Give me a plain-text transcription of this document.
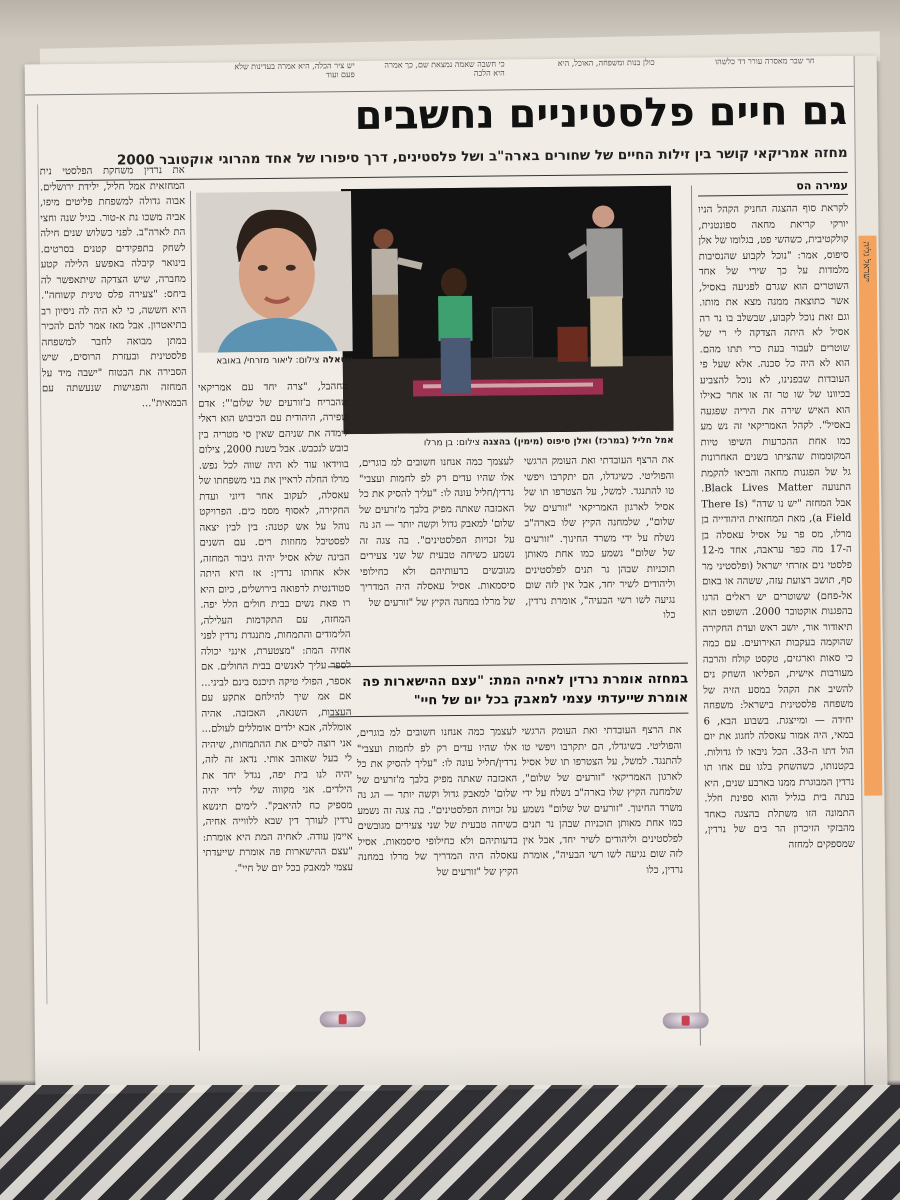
יש ציר הכלה, היא אמרה בעדינות שלא פעם ועוד
כי חשבה שאמה נמצאת שם, כך אמרה היא הלכה
כולן בנות ומשפחה, האוכל, היא	חר שבר מאסרה עורר דד כלשהו
ישראל גליה
גם חיים פלסטיניים נחשבים
מחזה אמריקאי קושר בין זילות החיים של שחורים בארה"ב ושל פלסטינים, דרך סיפורו של אחד מהרוגי אוקטובר 2000
עמירה הס

לקראת סוף ההצגה החניק הקהל הניו יורקי קריאת מחאה ספונטנית, קולקטיבית, כשהשי פט, בגלומו של אלן סיפוס, אמר: "נוכל לקבוע שהנסיבות מלמדות על כך שירי של אחד השוטרים הוא שגרם לפגיעה באסיל, אשר כתוצאה ממנה מצא את מותו. וגם זאת נוכל לקבוע, שבשלב בו נר רה אסיל לא היתה הצדקה לי רי של שוטרים לעבור בעת כרי תתו מהם. הוא לא היה כל סכנה. אלא שעל פי העובדות שבפנינו, לא נוכל להצביע בכיוונו של שו טר זה או אחר כאילו הוא האיש שירה את היריה שפגעה באסיל". לקהל האמריקאי זה נש מע כמו אחת ההכרעות השיפו טיות המקוממות שהציתו בשנים האחרונות גל של הפגנות מחאה והביאו להקמת התנועה Black Lives Matter. אבל המחזה "יש נו שדה" (There Is a Field), מאת המחזאית היהודייה בן מרלו, מס פר על אסיל עאסלה בן ה-17 מה כפר עראבה, אחד מ-12 פלסטי נים אזרחי ישראל (ופלסטיני מר סף, תושב רצועת עזה, ששהה או באום אל-פחם) ששוטרים יש ראלים הרגו בהפגנות אוקטובר 2000. השופט הוא תיאודור אור, יושב ראש ועדת החקירה שהוקמה בעקבות האירועים. עם כמה כי סאות וארגזים, טקסט קולח והרבה מעורבות אישית, הפליאו השחק נים להשיב את הקהל במסע הזיה של משפחה פלסטינית בישראל: משפחה יחידה — ומייצגת. בשבוע הבא, 6 במאי, היה אמור עאסלה לחגוג את יום הול דתו ה-33. הכל ניבאו לו גדולות. בקטנותו, כשהשחק בלגו עם אחו תו נרדין המבוגרת ממנו בארבע שנים, היא בנתה בית בגליל והוא ספינת חלל. התמונה הזו משתלת בהצגה כאחד מהבזקי הזיכרון הר בים של נרדין, שמספקים למחזה

אמל חליל (במרכז) ואלן סיפוס (מימין) בהצגה צילום: בן מרלו
עסאלה צילום: ליאור מזרחי/ באובא

את הרצף העובדתי ואת העומק הרגשי והפוליטי. כשיגדלו, הם יתקרבו ויפשי טו להתנגד. למשל, על הצטרפו תו של אסיל לארגון האמריקאי "זורעים של שלום", שלמחנה הקיץ שלו בארה"ב נשלח על ידי משרד החינוך. "זורעים של שלום" נשמע כמו אחת מאותן תוכניות שבהן נר תנים לפלסטינים וליהודים לשיר יחד, אבל אין לזה שום נגיעה לשו רשי הבעיה", אומרת נרדין, כלו

לעצמך כמה אנחנו חשובים למ בוגרים, אלו שהיו עדים רק לפ לחמות ועצבי" נרדין/חליל עונה לו: "עליך להסיק את כל האכזבה שאתה מפיק בלבך מ'זרעים של שלום' למאבק גדול וקשה יותר — הג נה על זכויות הפלסטינים". בה צגה זה נשמע כשיחה טבעית של שני צעירים מגובשים בדעותיהם ולא כחילופי סיסמאות. אסיל עאסלה היה המדריך של מרלו במחנה הקיץ של "זורעים של

במחזה אומרת נרדין לאחיה המת: "עצם ההישארות פה אומרת שייעדתי עצמי למאבק בכל יום של חיי"

את הרצף העובדתי ואת העומק הרגשי והפוליטי. כשיגדלו, הם יתקרבו ויפשי טו להתנגד. למשל, על הצטרפו תו של אסיל לארגון האמריקאי "זורעים של שלום", שלמחנה הקיץ שלו בארה"ב נשלח על ידי משרד החינוך. "זורעים של שלום" נשמע כמו אחת מאותן תוכניות שבהן נר תנים לפלסטינים וליהודים לשיר יחד, אבל אין לזה שום נגיעה לשו רשי הבעיה", אומרת נרדין, כלו

לעצמך כמה אנחנו חשובים למ בוגרים, אלו שהיו עדים רק לפ לחמות ועצבי" נרדין/חליל עונה לו: "עליך להסיק את כל האכזבה שאתה מפיק בלבך מ'זרעים של שלום' למאבק גדול וקשה יותר — הג נה על זכויות הפלסטינים". בה צגה זה נשמע כשיחה טבעית של שני צעירים מגובשים בדעותיהם ולא כחילופי סיסמאות. אסיל עאסלה היה המדריך של מרלו במחנה הקיץ של "זורעים של

מחהבל, "צרה יחד עם אמריקאי שהבריח ב'זורעים של שלום'": אדם שפירה, היהודית עם הכיבוש הוא ראלי לימדה את שניהם שאין סי מטריה בין כובש לנכבש. אבל בשנת 2000, צילום בווידאו עוד לא היה שווה לכל נפש. מרלו החלה לראיין את בני משפחתו של עאסלה, לעקוב אחר דיוני ועדת החקירה, לאסוף מסמ כים. הפרויקט נוהל על אש קטנה: בין לבין יצאה לפסטיבל מחוזות רים. עם השנים הבינה שלא אסיל יהיה גיבור המחזה, אלא אחותו נרדין: אז היא היתה סטודנטית לרפואה בירושלים, כיום היא רו פאת נשים בבית חולים הלל יפה. המחזה, עם התקדמות העלילה, הלימודים והתמחות, מתנגדת נרדין לפני אחיה המת: "מצטערת, אינני יכולה לספר עליך לאנשים בבית החולים. אם אספר, הפולי טיקה תיכנס בינם לביני... אם אמ שיך להילחם אתקע עם העצבות, השנאה, האכזבה. אהיה אומללה, אבא ילדים אומללים לעולם... אני רוצה לסיים את ההתמחות, שיהיה לי בעל שאוהב אותי. נדאג זה לזה, יהיה לנו בית יפה, נגדל יחד את הילדים. אני מקווה שלי לדיי יהיה מספיק כח להיאבק". לימים תינשא נרדין לעורך דין שבא ללווייה אחיה, איימן עודה. לאחיה המת היא אומרת: "עצם ההישארות פה אומרת שייעדתי עצמי למאבק בכל יום של חיי".

את נרדין משחקת הפלסטי נית המחזאית אמל חליל, ילידת ירושלים. אבוה גדולה למשפחת פליטים מיפו, אביה משכו נת א-טור. בגיל שנה וחצי הת לארה"ב. לפני כשלוש שנים חילה לשחק בתפקידים קטנים בסרטים. בינואר קיבלה באפשע הלילה קטע מחברה, שיש הצדקה שיתאפשר לה ביחס: "צעירה פלס טינית קשוחה". היא חששה, כי לא היה לה ניסיון רב בתיאטרון. אבל מאז אמר להם להכיר במתן מבואה לחבר למשפחה פלסטינית ובעזרת הרוסים, שיש הסבירה את הבטוח "ישבה מיד על המחזה והפגישות שנעשתה עם הבמאית"...
